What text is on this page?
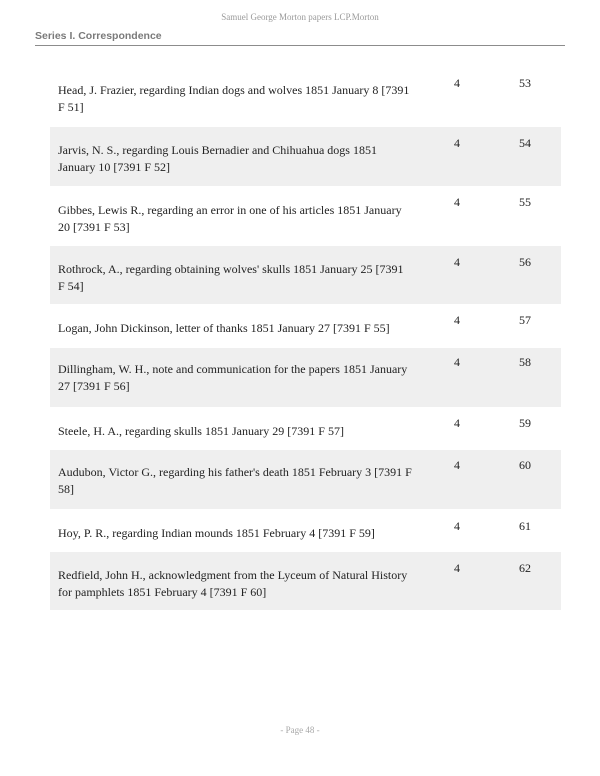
Samuel George Morton papers LCP.Morton
Series I. Correspondence
Head, J. Frazier, regarding Indian dogs and wolves 1851 January 8 [7391 F 51]
4	53
Jarvis, N. S., regarding Louis Bernadier and Chihuahua dogs 1851 January 10 [7391 F 52]
4	54
Gibbes, Lewis R., regarding an error in one of his articles 1851 January 20 [7391 F 53]
4	55
Rothrock, A., regarding obtaining wolves' skulls 1851 January 25 [7391 F 54]
4	56
Logan, John Dickinson, letter of thanks 1851 January 27 [7391 F 55]
4	57
Dillingham, W. H., note and communication for the papers 1851 January 27 [7391 F 56]
4	58
Steele, H. A., regarding skulls 1851 January 29 [7391 F 57]
4	59
Audubon, Victor G., regarding his father's death 1851 February 3 [7391 F 58]
4	60
Hoy, P. R., regarding Indian mounds 1851 February 4 [7391 F 59]	4	61
Redfield, John H., acknowledgment from the Lyceum of Natural History for pamphlets 1851 February 4 [7391 F 60]
4	62
- Page 48 -
